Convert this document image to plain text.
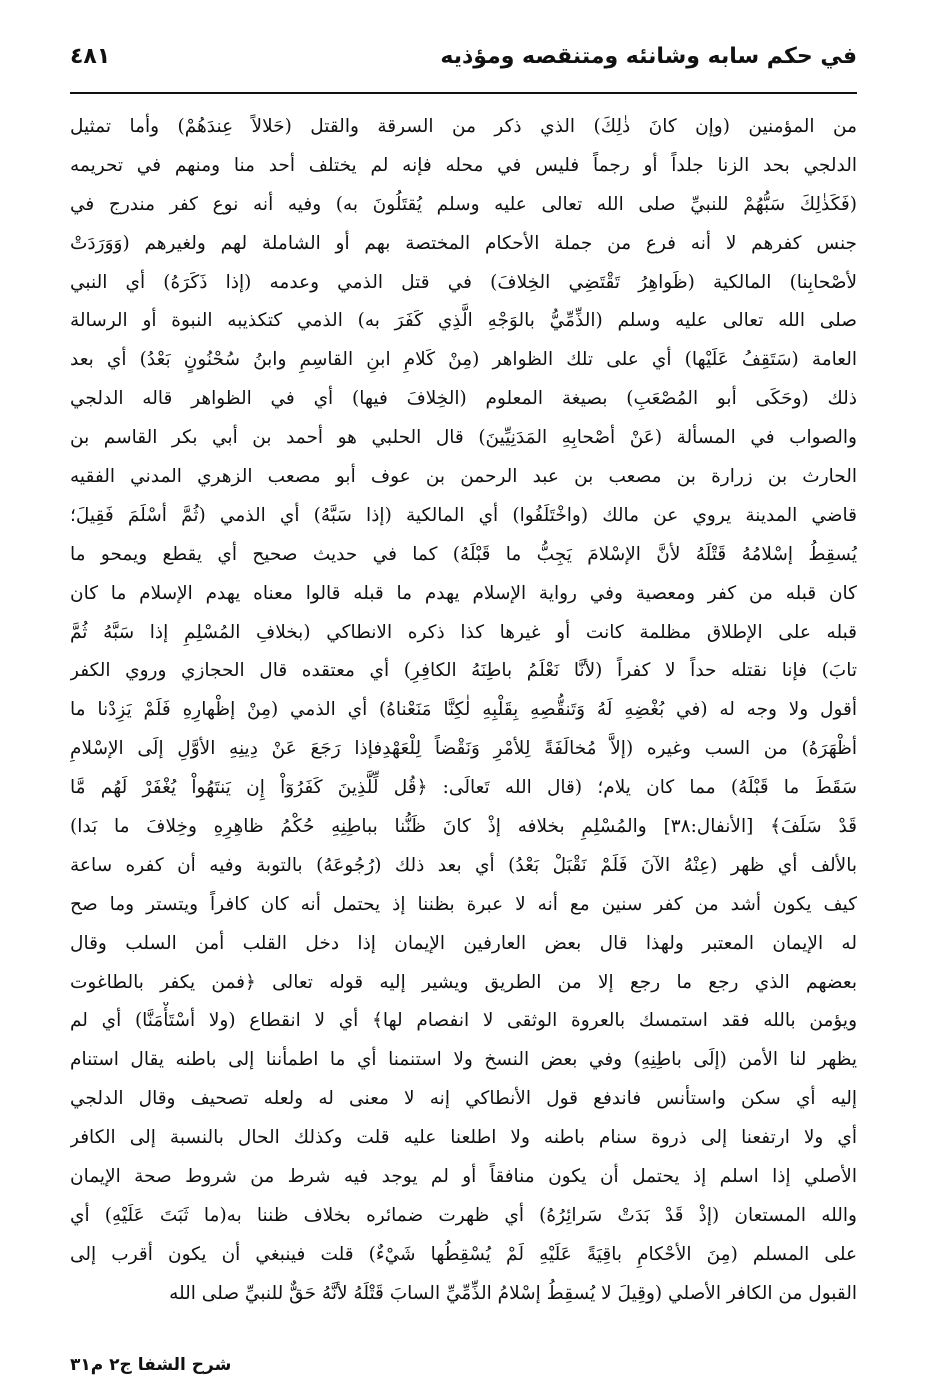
في حكم سابه وشانئه ومتنقصه ومؤذيه
٤٨١
من المؤمنين (وإن كانَ ذٰلِكَ) الذي ذكر من السرقة والقتل (حَلالاً عِندَهُمْ) وأما تمثيل
الدلجي بحد الزنا جلداً أو رجماً فليس في محله فإنه لم يختلف أحد منا ومنهم في تحريمه
(فَكَذٰلِكَ سَبُّهُمْ للنبيِّ صلى الله تعالى عليه وسلم يُقتَلُونَ به) وفيه أنه نوع كفر مندرج في
جنس كفرهم لا أنه فرع من جملة الأحكام المختصة بهم أو الشاملة لهم ولغيرهم (وَوَرَدَتْ
لأصْحابِنا) المالكية (ظَواهِرُ تَقْتَضِي الخِلافَ) في قتل الذمي وعدمه (إذا ذَكَرَهُ) أي النبي
صلى الله تعالى عليه وسلم (الذِّمِّيُّ بالوَجْهِ الَّذِي كَفَرَ به) الذمي كتكذيبه النبوة أو الرسالة
العامة (سَتَقِفُ عَلَيْها) أي على تلك الظواهر (مِنْ كَلامِ ابنِ القاسِمِ وابنُ سُحْنُونٍ بَعْدُ) أي بعد
ذلك (وحَكَى أبو المُصْعَبِ) بصيغة المعلوم (الخِلافَ فيها) أي في الظواهر قاله الدلجي
والصواب في المسألة (عَنْ أصْحابِهِ المَدَنِيِّينَ) قال الحلبي هو أحمد بن أبي بكر القاسم بن
الحارث بن زرارة بن مصعب بن عبد الرحمن بن عوف أبو مصعب الزهري المدني الفقيه
قاضي المدينة يروي عن مالك (واخْتَلَفُوا) أي المالكية (إذا سَبَّهُ) أي الذمي (ثُمَّ أسْلَمَ فَقِيلَ؛
يُسقِطُ إسْلامُهُ قَتْلَهُ لأنَّ الإسْلامَ يَجِبُّ ما قَبْلَهُ) كما في حديث صحيح أي يقطع ويمحو ما
كان قبله من كفر ومعصية وفي رواية الإسلام يهدم ما قبله قالوا معناه يهدم الإسلام ما كان
قبله على الإطلاق مظلمة كانت أو غيرها كذا ذكره الانطاكي (بخلافِ المُسْلِمِ إذا سَبَّهُ ثُمَّ
تابَ) فإنا نقتله حداً لا كفراً (لأنَّا نَعْلَمُ باطِنَهُ الكافِرِ) أي معتقده قال الحجازي وروي الكفر
أقول ولا وجه له (في بُغْضِهِ لَهُ وَتَنقُّصِهِ بِقَلْبِهِ لٰكِنَّا مَنَعْناهُ) أي الذمي (مِنْ إظْهارِهِ فَلَمْ يَزِدْنا ما
أظْهَرَهُ) من السب وغيره (إلاَّ مُخالَفَةً لِلأمْرِ وَنَقْضاً لِلْعَهْدِفإذا رَجَعَ عَنْ دِينِهِ الأوَّلِ إلَى الإسْلامِ
سَقَطَ ما قَبْلَهُ) مما كان يلام؛ (قال الله تَعالَى: ﴿قُل لِّلَّذِينَ كَفَرُوٓاْ إِن يَنتَهُواْ يُغْفَرْ لَهُم مَّا
قَدْ سَلَفَ﴾ [الأنفال:٣٨] والمُسْلِمِ بخلافه إذْ كانَ ظَنُّنا بباطِنِهِ حُكْمُ ظاهِرِهِ وخِلافَ ما بَدا)
بالألف أي ظهر (عِنْهُ الآنَ فَلَمْ نَقْبَلْ بَعْدُ) أي بعد ذلك (رُجُوعَهُ) بالتوبة وفيه أن كفره ساعة
كيف يكون أشد من كفر سنين مع أنه لا عبرة بظننا إذ يحتمل أنه كان كافراً ويتستر وما صح
له الإيمان المعتبر ولهذا قال بعض العارفين الإيمان إذا دخل القلب أمن السلب وقال
بعضهم الذي رجع ما رجع إلا من الطريق ويشير إليه قوله تعالى ﴿فمن يكفر بالطاغوت
ويؤمن بالله فقد استمسك بالعروة الوثقى لا انفصام لها﴾ أي لا انقطاع (ولا أسْتَأْمَنَّا) أي لم
يظهر لنا الأمن (إلَى باطِنِهِ) وفي بعض النسخ ولا استنمنا أي ما اطمأننا إلى باطنه يقال استنام
إليه أي سكن واستأنس فاندفع قول الأنطاكي إنه لا معنى له ولعله تصحيف وقال الدلجي
أي ولا ارتفعنا إلى ذروة سنام باطنه ولا اطلعنا عليه قلت وكذلك الحال بالنسبة إلى الكافر
الأصلي إذا اسلم إذ يحتمل أن يكون منافقاً أو لم يوجد فيه شرط من شروط صحة الإيمان
والله المستعان (إذْ قَدْ بَدَتْ سَرائِرُهُ) أي ظهرت ضمائره بخلاف ظننا به(ما ثَبَتَ عَلَيْهِ) أي
على المسلم (مِنَ الأحْكامِ باقِيَةً عَلَيْهِ لَمْ يُسْقِطُها شَيْءٌ) قلت فينبغي أن يكون أقرب إلى
القبول من الكافر الأصلي (وقِيلَ لا يُسقِطُ إسْلامُ الذِّمِّيِّ السابَ قَتْلَهُ لأنَّهُ حَقٌّ للنبيِّ صلى الله
شرح الشفا ج٢ م٣١
